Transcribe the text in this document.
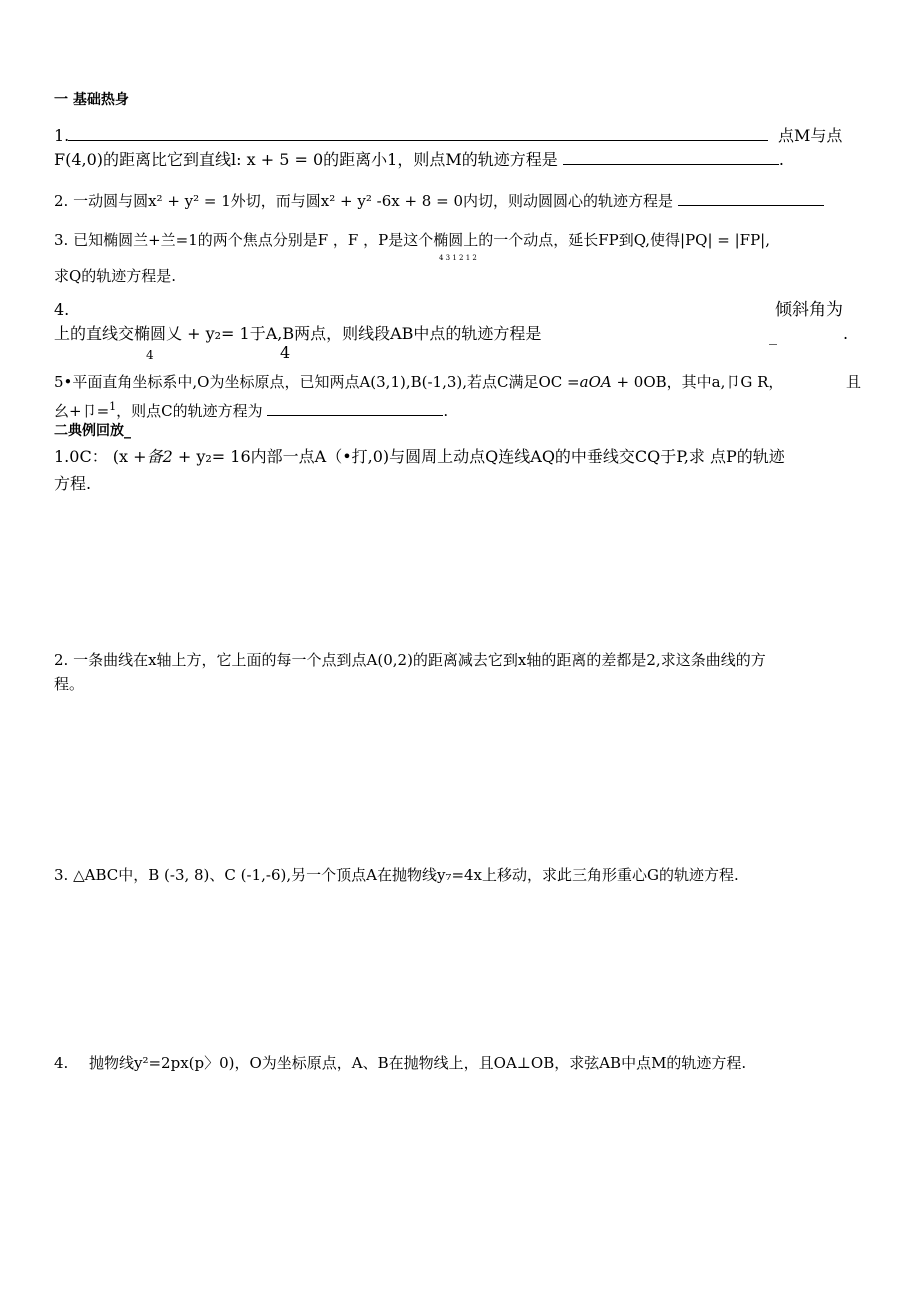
一 基础热身
1.	点M与点
F(4,0)的距离比它到直线l: x + 5 = 0的距离小1，则点M的轨迹方程是	.
2. 一动圆与圆x² + y² = 1外切，而与圆x² + y² -6x + 8 = 0内切，则动圆圆心的轨迹方程是
3. 已知椭圆兰+兰=1的两个焦点分别是F ，F ，P是这个椭圆上的一个动点，延长FP到Q,使得|PQ| = |FP|,
4 3 1 2 1 2
求Q的轨迹方程是.
4.	倾斜角为
上的直线交椭圆乂 + y₂= 1于A,B两点，则线段AB中点的轨迹方程是	_	.
4	4
5•平面直角坐标系中,O为坐标原点，已知两点A(3,1),B(-1,3),若点C满足OC =aOA + 0OB，其中a,卩G R，	且
幺+卩=$^1$，则点C的轨迹方程为	.
二典例回放_
1.0C： (x +备2 + y₂= 16内部一点A（•打,0)与圆周上动点Q连线AQ的中垂线交CQ于P,求 点P的轨迹
方程.
2. 一条曲线在x轴上方，它上面的每一个点到点A(0,2)的距离减去它到x轴的距离的差都是2,求这条曲线的方
程。
3. △ABC中，B (-3, 8)、C (-1,-6),另一个顶点A在抛物线y₇=4x上移动，求此三角形重心G的轨迹方程.
4. 抛物线y²=2px(p〉0)，O为坐标原点，A、B在抛物线上，且OA⊥OB，求弦AB中点M的轨迹方程.
